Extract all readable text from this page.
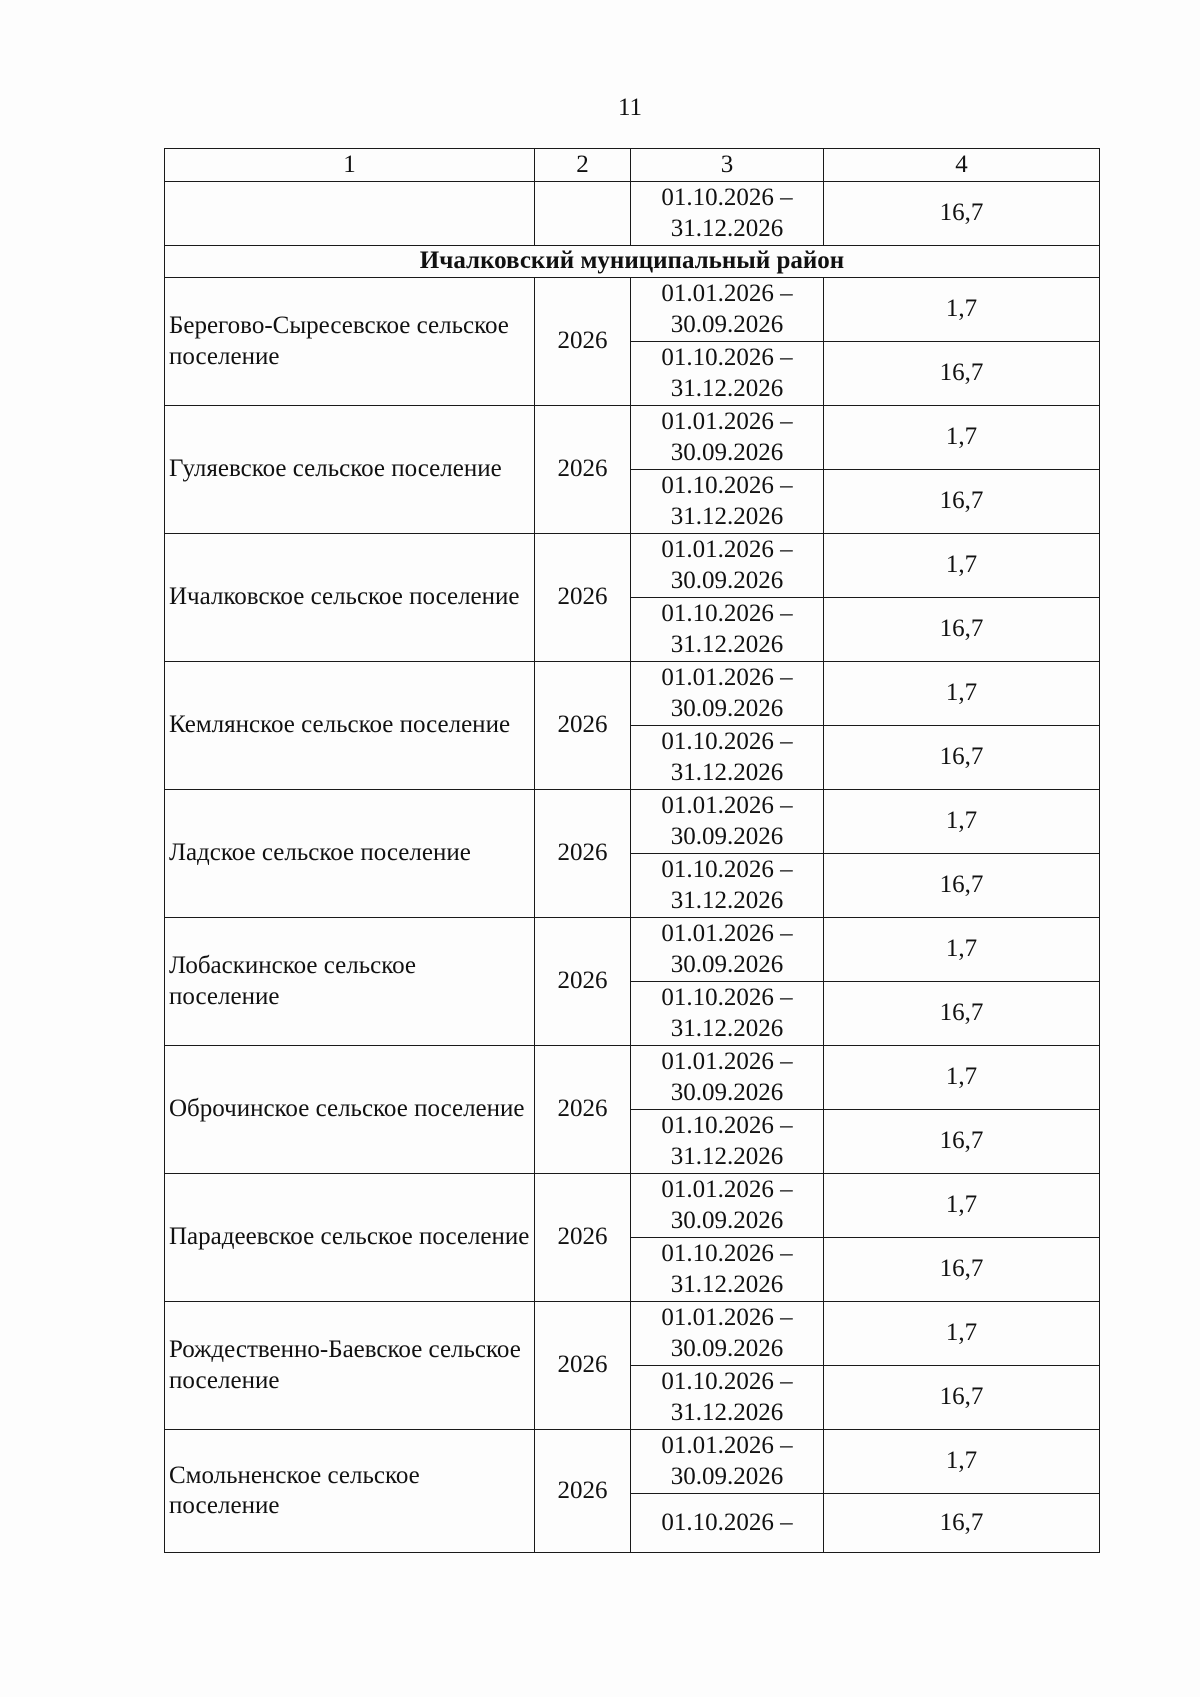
11
1	2	3	4

		01.10.2026 –
31.12.2026	16,7
Ичалковский муниципальный район			
Берегово-Сыресевское сельское поселение	2026	01.01.2026 –
30.09.2026	1,7

		01.10.2026 –
31.12.2026	16,7
Гуляевское сельское поселение	2026	01.01.2026 –
30.09.2026	1,7

		01.10.2026 –
31.12.2026	16,7
Ичалковское сельское поселение	2026	01.01.2026 –
30.09.2026	1,7

		01.10.2026 –
31.12.2026	16,7
Кемлянское сельское поселение	2026	01.01.2026 –
30.09.2026	1,7

		01.10.2026 –
31.12.2026	16,7
Ладское сельское поселение	2026	01.01.2026 –
30.09.2026	1,7

		01.10.2026 –
31.12.2026	16,7
Лобаскинское сельское поселение	2026	01.01.2026 –
30.09.2026	1,7

		01.10.2026 –
31.12.2026	16,7
Оброчинское сельское поселение	2026	01.01.2026 –
30.09.2026	1,7

		01.10.2026 –
31.12.2026	16,7
Парадеевское сельское поселение	2026	01.01.2026 –
30.09.2026	1,7

		01.10.2026 –
31.12.2026	16,7
Рождественно-Баевское сельское поселение	2026	01.01.2026 –
30.09.2026	1,7

		01.10.2026 –
31.12.2026	16,7
Смольненское сельское поселение	2026	01.01.2026 –
30.09.2026	1,7

		01.10.2026 –	16,7
